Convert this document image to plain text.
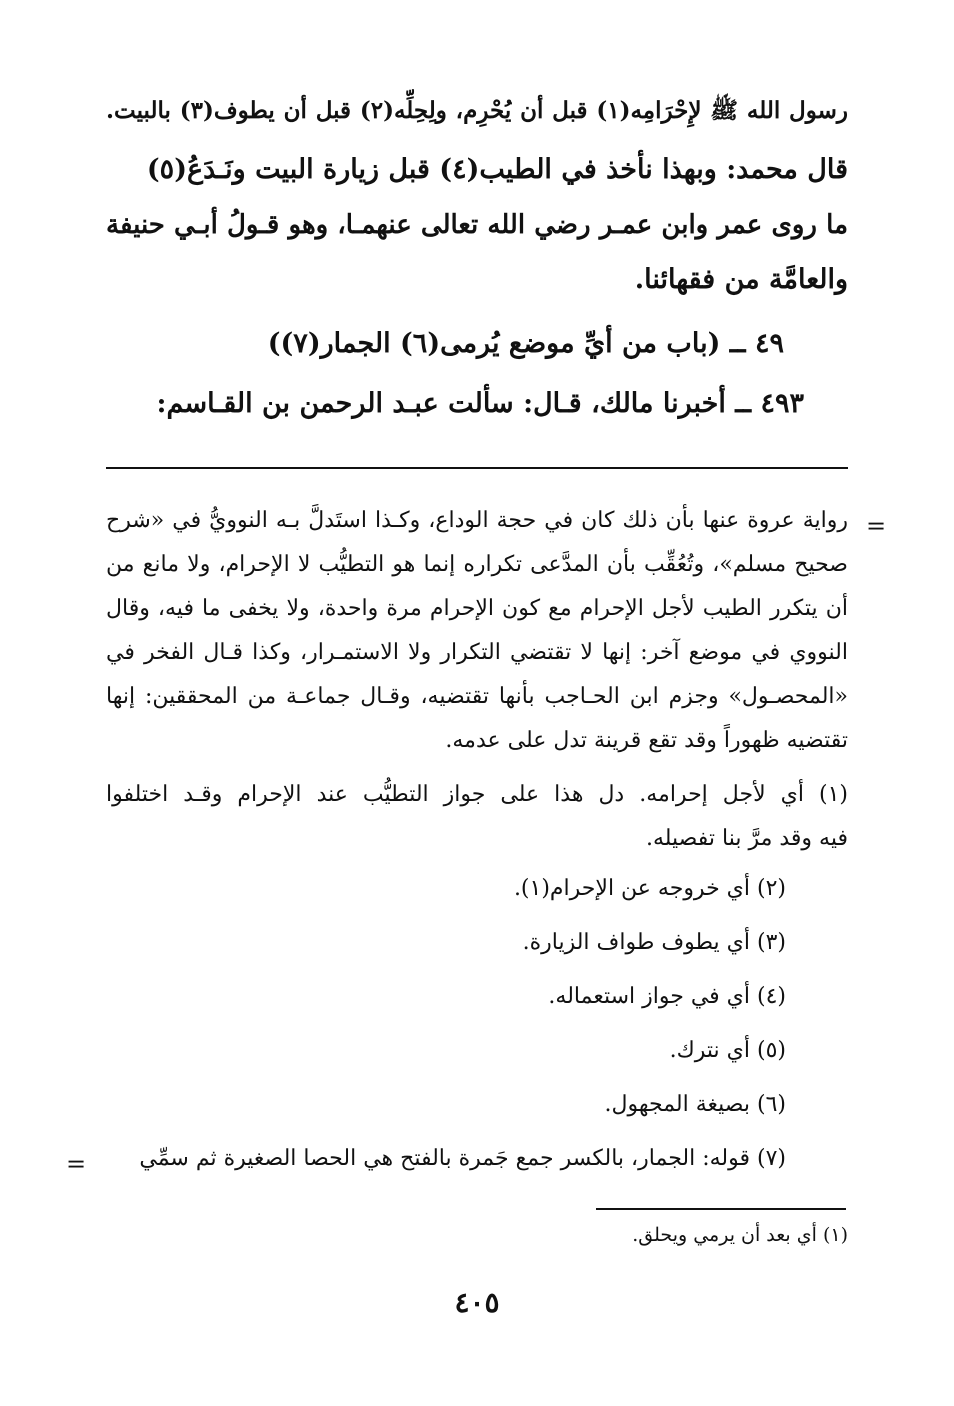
رسول الله ﷺ لإِحْرَامِه(١) قبل أن يُحْرِم، ولِحِلِّه(٢) قبل أن يطوف(٣) بالبيت.

قال محمد: وبهذا نأخذ في الطيب(٤) قبل زيارة البيت ونَـدَعُ(٥)

ما روى عمر وابن عمـر رضي الله تعالى عنهمـا، وهو قـولُ أبـي حنيفة

والعامَّة من فقهائنا.

٤٩ ــ (باب من أيِّ موضع يُرمى(٦) الجمار(٧))

٤٩٣ ــ أخبرنا مالك، قـال: سألت عبـد الرحمن بن القـاسم:

=

رواية عروة عنها بأن ذلك كان في حجة الوداع، وكـذا استَدلَّ بـه النوويُّ في «شرح

صحيح مسلم»، وتُعُقِّب بأن المدَّعى تكراره إنما هو التطيُّب لا الإحرام، ولا مانع من

أن يتكرر الطيب لأجل الإحرام مع كون الإحرام مرة واحدة، ولا يخفى ما فيه، وقال

النووي في موضع آخر: إنها لا تقتضي التكرار ولا الاستمـرار، وكذا قـال الفخر في

«المحصـول» وجزم ابن الحـاجب بأنها تقتضيه، وقـال جماعـة من المحققين: إنها

تقتضيه ظهوراً وقد تقع قرينة تدل على عدمه.

(١) أي لأجل إحرامه. دل هذا على جواز التطيُّب عند الإحرام وقـد اختلفوا

فيه وقد مرَّ بنا تفصيله.

(٢) أي خروجه عن الإحرام(١).

(٣) أي يطوف طواف الزيارة.

(٤) أي في جواز استعماله.

(٥) أي نترك.

(٦) بصيغة المجهول.

(٧) قوله: الجمار، بالكسر جمع جَمرة بالفتح هي الحصا الصغيرة ثم سمِّي

=

(١) أي بعد أن يرمي ويحلق.

٤٠٥
